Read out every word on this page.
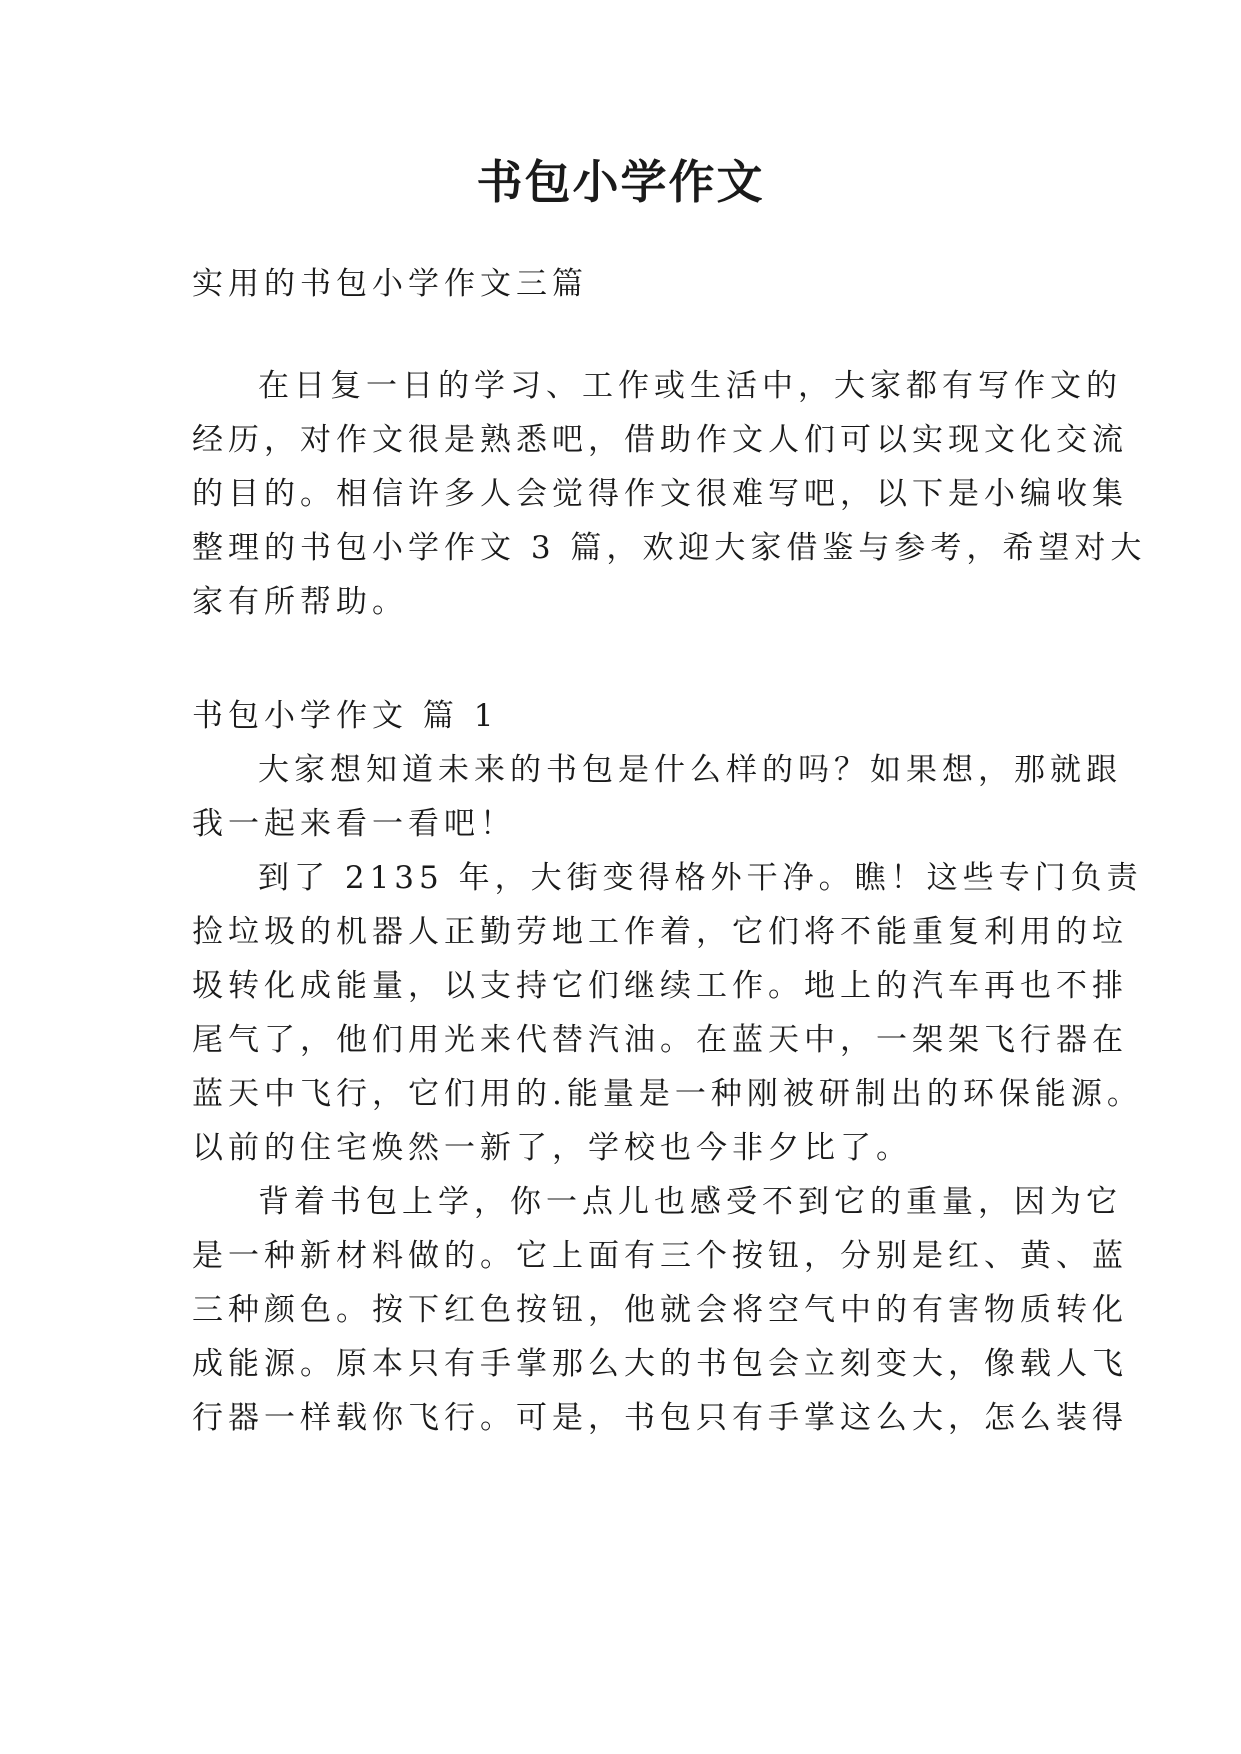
书包小学作文
实用的书包小学作文三篇
在日复一日的学习、工作或生活中，大家都有写作文的
经历，对作文很是熟悉吧，借助作文人们可以实现文化交流
的目的。相信许多人会觉得作文很难写吧，以下是小编收集
整理的书包小学作文 3 篇，欢迎大家借鉴与参考，希望对大
家有所帮助。
书包小学作文 篇 1
大家想知道未来的书包是什么样的吗？如果想，那就跟
我一起来看一看吧！
到了 2135 年，大街变得格外干净。瞧！这些专门负责
捡垃圾的机器人正勤劳地工作着，它们将不能重复利用的垃
圾转化成能量，以支持它们继续工作。地上的汽车再也不排
尾气了，他们用光来代替汽油。在蓝天中，一架架飞行器在
蓝天中飞行，它们用的.能量是一种刚被研制出的环保能源。
以前的住宅焕然一新了，学校也今非夕比了。
背着书包上学，你一点儿也感受不到它的重量，因为它
是一种新材料做的。它上面有三个按钮，分别是红、黄、蓝
三种颜色。按下红色按钮，他就会将空气中的有害物质转化
成能源。原本只有手掌那么大的书包会立刻变大，像载人飞
行器一样载你飞行。可是，书包只有手掌这么大，怎么装得
